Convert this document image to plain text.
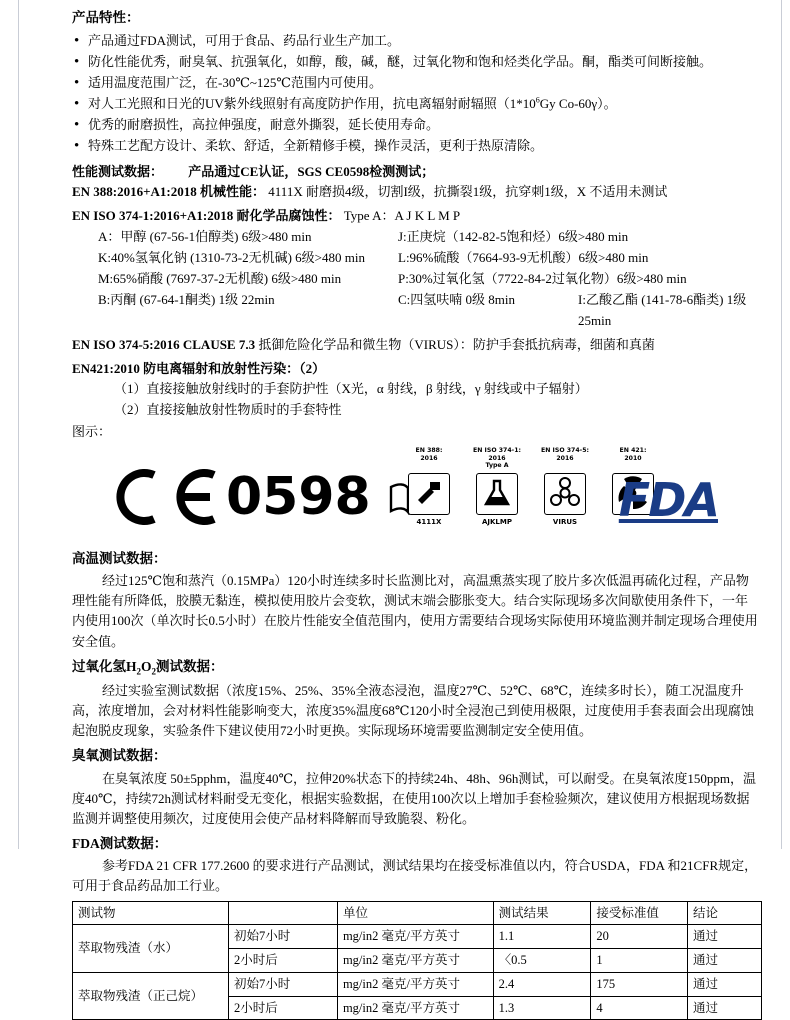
产品特性：
• 产品通过FDA测试，可用于食品、药品行业生产加工。
• 防化性能优秀，耐臭氧、抗强氧化，如醇，酸，碱，醚，过氧化物和饱和烃类化学品。酮，酯类可间断接触。
• 适用温度范围广泛，在-30℃~125℃范围内可使用。
• 对人工光照和日光的UV紫外线照射有高度防护作用，抗电离辐射耐辐照（$1*10^6Gy$ Co-60γ）。
• 优秀的耐磨损性，高拉伸强度，耐意外撕裂，延长使用寿命。
• 特殊工艺配方设计、柔软、舒适，全新精修手模，操作灵活，更利于热原清除。

性能测试数据： 产品通过CE认证，SGS CE0598检测测试；

EN 388:2016+A1:2018 机械性能： 4111X 耐磨损4级，切割I级，抗撕裂1级，抗穿刺1级，X 不适用未测试

EN ISO 374-1:2016+A1:2018 耐化学品腐蚀性： Type A：A J K L M P

A：甲醇 (67-56-1伯醇类) 6级>480 min	J:正庚烷（142-82-5饱和烃）6级>480 min
K:40%氢氧化钠 (1310-73-2无机碱) 6级>480 min	L:96%硫酸（7664-93-9无机酸）6级>480 min
M:65%硝酸 (7697-37-2无机酸) 6级>480 min	P:30%过氧化氢（7722-84-2过氧化物）6级>480 min
B:丙酮 (67-64-1酮类) 1级 22min	C:四氢呋喃 0级 8min	I:乙酸乙酯 (141-78-6酯类) 1级 25min

EN ISO 374-5:2016 CLAUSE 7.3 抵御危险化学品和微生物（VIRUS）：防护手套抵抗病毒，细菌和真菌

EN421:2010 防电离辐射和放射性污染：（2）

（1）直接接触放射线时的手套防护性（X光，α 射线，β 射线，γ 射线或中子辐射）

（2）直接接触放射性物质时的手套特性

图示：

0598
EN 388:
2016
4111X
EN ISO 374-1:
2016
Type A
AJKLMP
EN ISO 374-5:
2016
VIRUS
EN 421:
2010
FDA
高温测试数据：

经过125℃饱和蒸汽（0.15MPa）120小时连续多时长监测比对，高温熏蒸实现了胶片多次低温再硫化过程，产品物理性能有所降低，胶膜无黏连，模拟使用胶片会变软，测试末端会膨胀变大。结合实际现场多次间歇使用条件下，一年内使用100次（单次时长0.5小时）在胶片性能安全值范围内，使用方需要结合现场实际使用环境监测并制定现场合理使用安全值。

过氧化氢$H_2O_2$测试数据：

经过实验室测试数据（浓度15%、25%、35%全液态浸泡，温度27℃、52℃、68℃，连续多时长），随工况温度升高，浓度增加，会对材料性能影响变大，浓度35%温度68℃120小时全浸泡己到使用极限，过度使用手套表面会出现腐蚀起泡脱皮现象，实验条件下建议使用72小时更换。实际现场环境需要监测制定安全使用值。

臭氧测试数据：

在臭氧浓度 50±5pphm，温度40℃，拉伸20%状态下的持续24h、48h、96h测试，可以耐受。在臭氧浓度150ppm，温度40℃，持续72h测试材料耐受无变化，根据实验数据，在使用100次以上增加手套检验频次，建议使用方根据现场数据监测并调整使用频次，过度使用会使产品材料降解而导致脆裂、粉化。

FDA测试数据：

参考FDA 21 CFR 177.2600 的要求进行产品测试，测试结果均在接受标准值以内，符合USDA，FDA 和21CFR规定，可用于食品药品加工行业。

测试物		单位	测试结果	接受标准值	结论
萃取物残渣（水）	初始7小时	mg/in2 毫克/平方英寸	1.1	20	通过
	2小时后	mg/in2 毫克/平方英寸	〈0.5	1	通过
萃取物残渣（正己烷）	初始7小时	mg/in2 毫克/平方英寸	2.4	175	通过
	2小时后	mg/in2 毫克/平方英寸	1.3	4	通过
